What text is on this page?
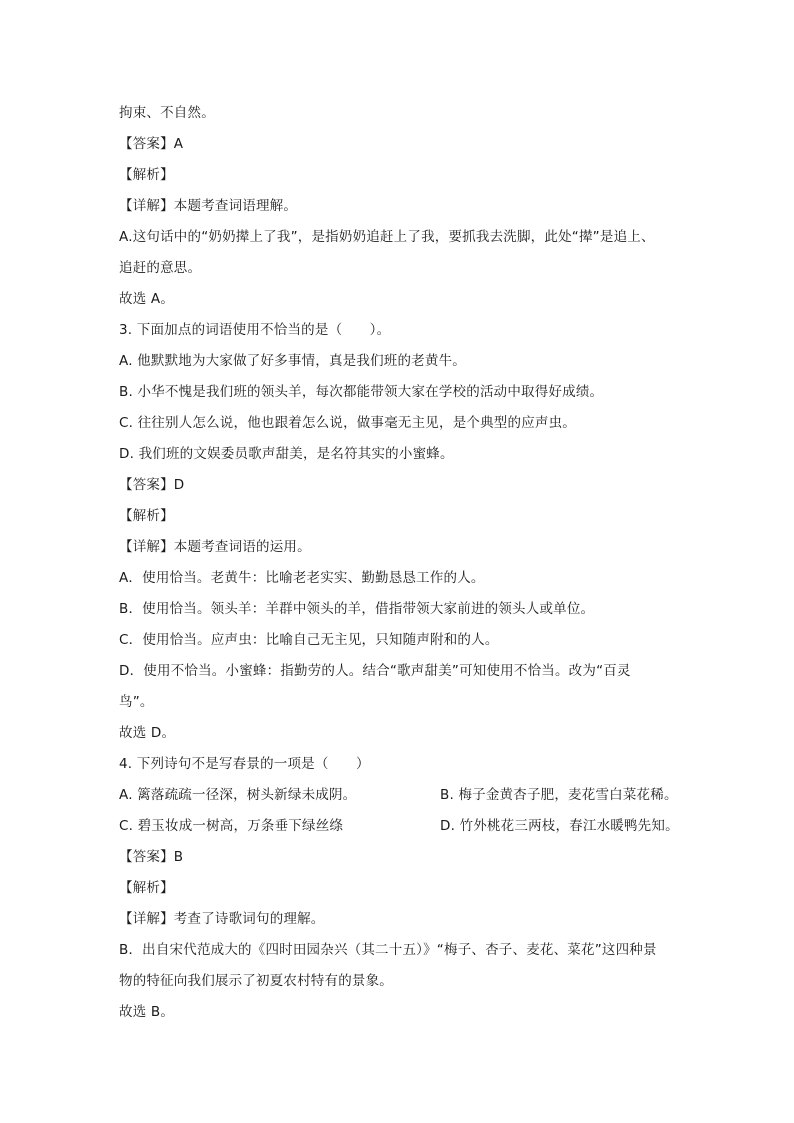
拘束、不自然。
【答案】A
【解析】
【详解】本题考查词语理解。
A.这句话中的“奶奶撵上了我”，是指奶奶追赶上了我，要抓我去洗脚，此处“撵”是追上、
追赶的意思。
故选 A。
3. 下面加点的词语使用不恰当的是（　　）。
A. 他默默地为大家做了好多事情，真是我们班的老黄牛。
B. 小华不愧是我们班的领头羊，每次都能带领大家在学校的活动中取得好成绩。
C. 往往别人怎么说，他也跟着怎么说，做事毫无主见，是个典型的应声虫。
D. 我们班的文娱委员歌声甜美，是名符其实的小蜜蜂。
【答案】D
【解析】
【详解】本题考查词语的运用。
A．使用恰当。老黄牛：比喻老老实实、勤勤恳恳工作的人。
B．使用恰当。领头羊：羊群中领头的羊，借指带领大家前进的领头人或单位。
C．使用恰当。应声虫：比喻自己无主见，只知随声附和的人。
D．使用不恰当。小蜜蜂：指勤劳的人。结合“歌声甜美”可知使用不恰当。改为“百灵
鸟”。
故选 D。
4. 下列诗句不是写春景的一项是（　　）
A. 篱落疏疏一径深，树头新绿未成阴。	B. 梅子金黄杏子肥，麦花雪白菜花稀。
C. 碧玉妆成一树高，万条垂下绿丝绦	D. 竹外桃花三两枝，春江水暖鸭先知。
【答案】B
【解析】
【详解】考查了诗歌词句的理解。
B．出自宋代范成大的《四时田园杂兴（其二十五）》“梅子、杏子、麦花、菜花”这四种景
物的特征向我们展示了初夏农村特有的景象。
故选 B。
